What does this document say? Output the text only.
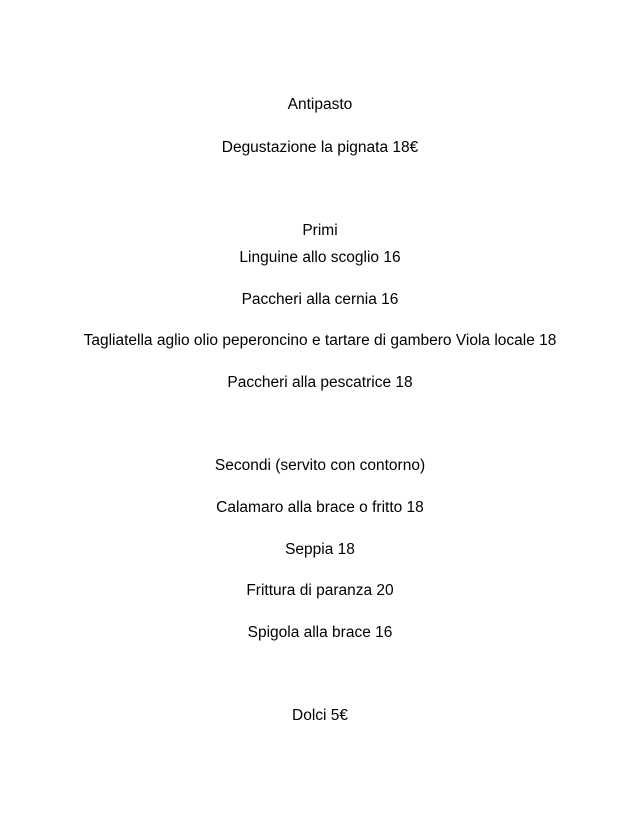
Antipasto
Degustazione la pignata 18€
Primi
Linguine allo scoglio 16
Paccheri alla cernia 16
Tagliatella aglio olio peperoncino e tartare di gambero Viola locale 18
Paccheri alla pescatrice 18
Secondi (servito con contorno)
Calamaro alla brace o fritto 18
Seppia 18
Frittura di paranza 20
Spigola alla brace 16
Dolci 5€
